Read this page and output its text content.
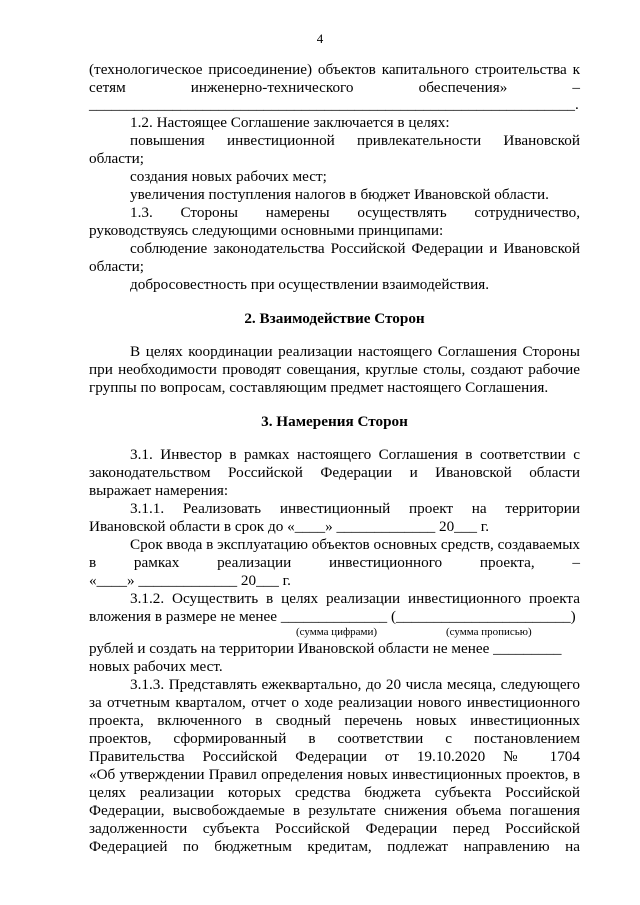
4
(технологическое присоединение) объектов капитального строительства к
сетям инженерно-технического обеспечения» –
________________________________________________________________.
1.2. Настоящее Соглашение заключается в целях:
повышения инвестиционной привлекательности Ивановской
области;
создания новых рабочих мест;
увеличения поступления налогов в бюджет Ивановской области.
1.3. Стороны намерены осуществлять сотрудничество,
руководствуясь следующими основными принципами:
соблюдение законодательства Российской Федерации и Ивановской
области;
добросовестность при осуществлении взаимодействия.
2. Взаимодействие Сторон
В целях координации реализации настоящего Соглашения Стороны
при необходимости проводят совещания, круглые столы, создают рабочие
группы по вопросам, составляющим предмет настоящего Соглашения.
3. Намерения Сторон
3.1. Инвестор в рамках настоящего Соглашения в соответствии с
законодательством Российской Федерации и Ивановской области
выражает намерения:
3.1.1. Реализовать инвестиционный проект на территории
Ивановской области в срок до «____» _____________ 20___ г.
Срок ввода в эксплуатацию объектов основных средств, создаваемых
в рамках реализации инвестиционного проекта, –
«____» _____________ 20___ г.
3.1.2. Осуществить в целях реализации инвестиционного проекта
вложения в размере не менее ______________ (_______________________)
(сумма цифрами)	(сумма прописью)
рублей и создать на территории Ивановской области не менее _________
новых рабочих мест.
3.1.3. Представлять ежеквартально, до 20 числа месяца, следующего
за отчетным кварталом, отчет о ходе реализации нового инвестиционного
проекта, включенного в сводный перечень новых инвестиционных
проектов, сформированный в соответствии с постановлением
Правительства Российской Федерации от 19.10.2020 № 1704
«Об утверждении Правил определения новых инвестиционных проектов, в
целях реализации которых средства бюджета субъекта Российской
Федерации, высвобождаемые в результате снижения объема погашения
задолженности субъекта Российской Федерации перед Российской
Федерацией по бюджетным кредитам, подлежат направлению на
